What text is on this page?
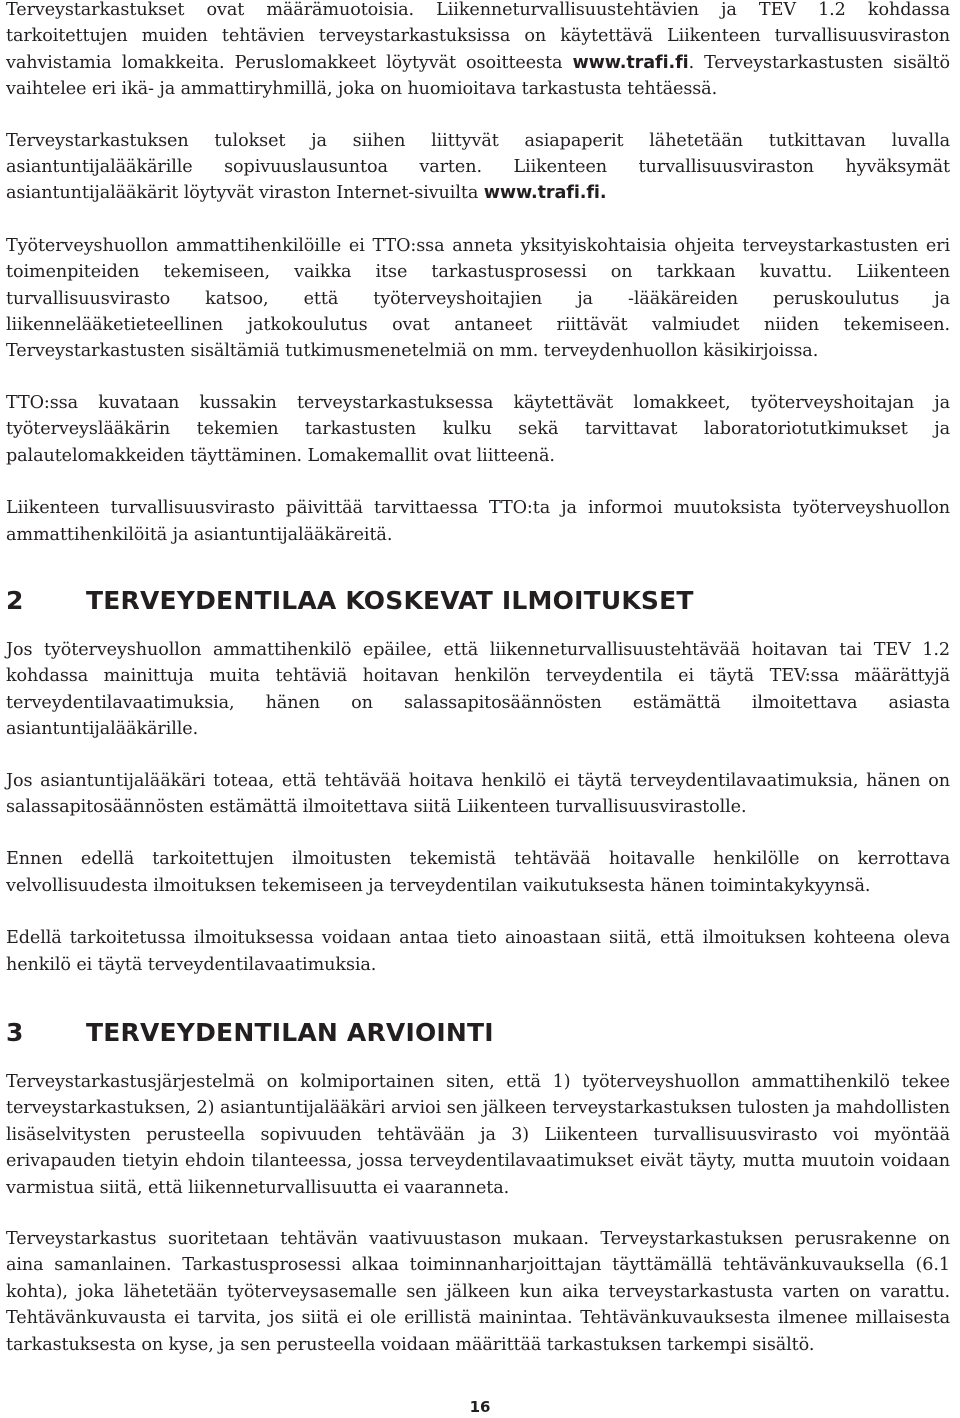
Terveystarkastukset ovat määrämuotoisia. Liikenneturvallisuustehtävien ja TEV 1.2 kohdassa tarkoitettujen muiden tehtävien terveystarkastuksissa on käytettävä Liikenteen turvallisuusviraston vahvistamia lomakkeita. Peruslomakkeet löytyvät osoitteesta www.trafi.fi. Terveystarkastusten sisältö vaihtelee eri ikä- ja ammattiryhmillä, joka on huomioitava tarkastusta tehtäessä.

Terveystarkastuksen tulokset ja siihen liittyvät asiapaperit lähetetään tutkittavan luvalla asiantuntijalääkärille sopivuuslausuntoa varten. Liikenteen turvallisuusviraston hyväksymät asiantuntijalääkärit löytyvät viraston Internet-sivuilta www.trafi.fi.

Työterveyshuollon ammattihenkilöille ei TTO:ssa anneta yksityiskohtaisia ohjeita terveystarkastusten eri toimenpiteiden tekemiseen, vaikka itse tarkastusprosessi on tarkkaan kuvattu. Liikenteen turvallisuusvirasto katsoo, että työterveyshoitajien ja -lääkäreiden peruskoulutus ja liikennelääketieteellinen jatkokoulutus ovat antaneet riittävät valmiudet niiden tekemiseen. Terveystarkastusten sisältämiä tutkimusmenetelmiä on mm. terveydenhuollon käsikirjoissa.

TTO:ssa kuvataan kussakin terveystarkastuksessa käytettävät lomakkeet, työterveyshoitajan ja työterveyslääkärin tekemien tarkastusten kulku sekä tarvittavat laboratoriotutkimukset ja palautelomakkeiden täyttäminen. Lomakemallit ovat liitteenä.

Liikenteen turvallisuusvirasto päivittää tarvittaessa TTO:ta ja informoi muutoksista työterveyshuollon ammattihenkilöitä ja asiantuntijalääkäreitä.

2	TERVEYDENTILAA KOSKEVAT ILMOITUKSET

Jos työterveyshuollon ammattihenkilö epäilee, että liikenneturvallisuustehtävää hoitavan tai TEV 1.2 kohdassa mainittuja muita tehtäviä hoitavan henkilön terveydentila ei täytä TEV:ssa määrättyjä terveydentilavaatimuksia, hänen on salassapitosäännösten estämättä ilmoitettava asiasta asiantuntijalääkärille.

Jos asiantuntijalääkäri toteaa, että tehtävää hoitava henkilö ei täytä terveydentilavaatimuksia, hänen on salassapitosäännösten estämättä ilmoitettava siitä Liikenteen turvallisuusvirastolle.

Ennen edellä tarkoitettujen ilmoitusten tekemistä tehtävää hoitavalle henkilölle on kerrottava velvollisuudesta ilmoituksen tekemiseen ja terveydentilan vaikutuksesta hänen toimintakykyynsä.

Edellä tarkoitetussa ilmoituksessa voidaan antaa tieto ainoastaan siitä, että ilmoituksen kohteena oleva henkilö ei täytä terveydentilavaatimuksia.

3	TERVEYDENTILAN ARVIOINTI

Terveystarkastusjärjestelmä on kolmiportainen siten, että 1) työterveyshuollon ammattihenkilö tekee terveystarkastuksen, 2) asiantuntijalääkäri arvioi sen jälkeen terveystarkastuksen tulosten ja mahdollisten lisäselvitysten perusteella sopivuuden tehtävään ja 3) Liikenteen turvallisuusvirasto voi myöntää erivapauden tietyin ehdoin tilanteessa, jossa terveydentilavaatimukset eivät täyty, mutta muutoin voidaan varmistua siitä, että liikenneturvallisuutta ei vaaranneta.

Terveystarkastus suoritetaan tehtävän vaativuustason mukaan. Terveystarkastuksen perusrakenne on aina samanlainen. Tarkastusprosessi alkaa toiminnanharjoittajan täyttämällä tehtävänkuvauksella (6.1 kohta), joka lähetetään työterveysasemalle sen jälkeen kun aika terveystarkastusta varten on varattu. Tehtävänkuvausta ei tarvita, jos siitä ei ole erillistä mainintaa. Tehtävänkuvauksesta ilmenee millaisesta tarkastuksesta on kyse, ja sen perusteella voidaan määrittää tarkastuksen tarkempi sisältö.

16
